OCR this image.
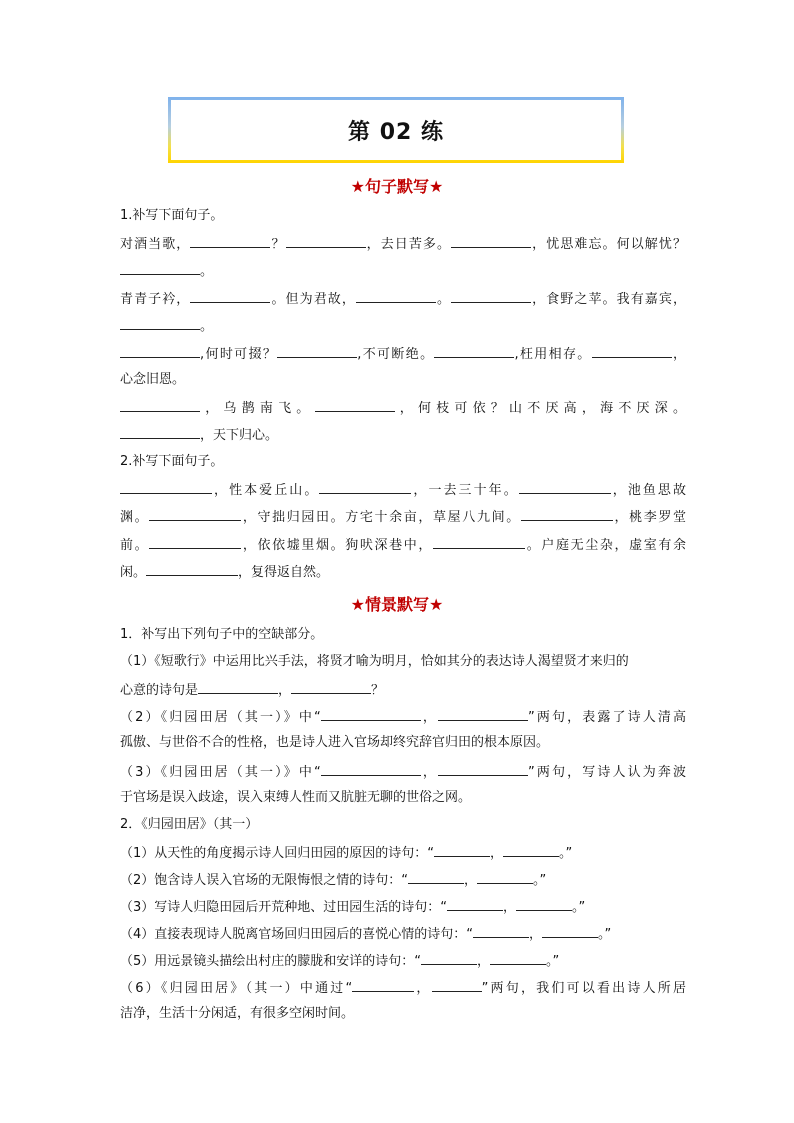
第 02 练
★句子默写★
1.补写下面句子。
对酒当歌，	？	，去日苦多。	，忧思难忘。何以解忧？
。
青青子衿，	。但为君故，	。	，食野之苹。我有嘉宾，
。
,何时可掇？	,不可断绝。	,枉用相存。	，
心念旧恩。
，乌鹊南飞。	，何枝可依？山不厌高，海不厌深。
，天下归心。
2.补写下面句子。
，性本爱丘山。	，一去三十年。	，池鱼思故
渊。	，守拙归园田。方宅十余亩，草屋八九间。	，桃李罗堂
前。	，依依墟里烟。狗吠深巷中，	。户庭无尘杂，虚室有余
闲。	，复得返自然。
★情景默写★
1．补写出下列句子中的空缺部分。
（1）《短歌行》中运用比兴手法，将贤才喻为明月，恰如其分的表达诗人渴望贤才来归的
心意的诗句是	，	？
（2）《归园田居（其一）》中“	，	”两句，表露了诗人清高
孤傲、与世俗不合的性格，也是诗人进入官场却终究辞官归田的根本原因。
（3）《归园田居（其一）》中“	，	”两句，写诗人认为奔波
于官场是误入歧途，误入束缚人性而又肮脏无聊的世俗之网。
2．《归园田居》（其一）
（1）从天性的角度揭示诗人回归田园的原因的诗句：“	，	。”
（2）饱含诗人误入官场的无限悔恨之情的诗句：“	，	。”
（3）写诗人归隐田园后开荒种地、过田园生活的诗句：“	，	。”
（4）直接表现诗人脱离官场回归田园后的喜悦心情的诗句：“	，	。”
（5）用远景镜头描绘出村庄的朦胧和安详的诗句：“	，	。”
（6）《归园田居》（其一）中通过“	，	”两句，我们可以看出诗人所居
洁净，生活十分闲适，有很多空闲时间。
